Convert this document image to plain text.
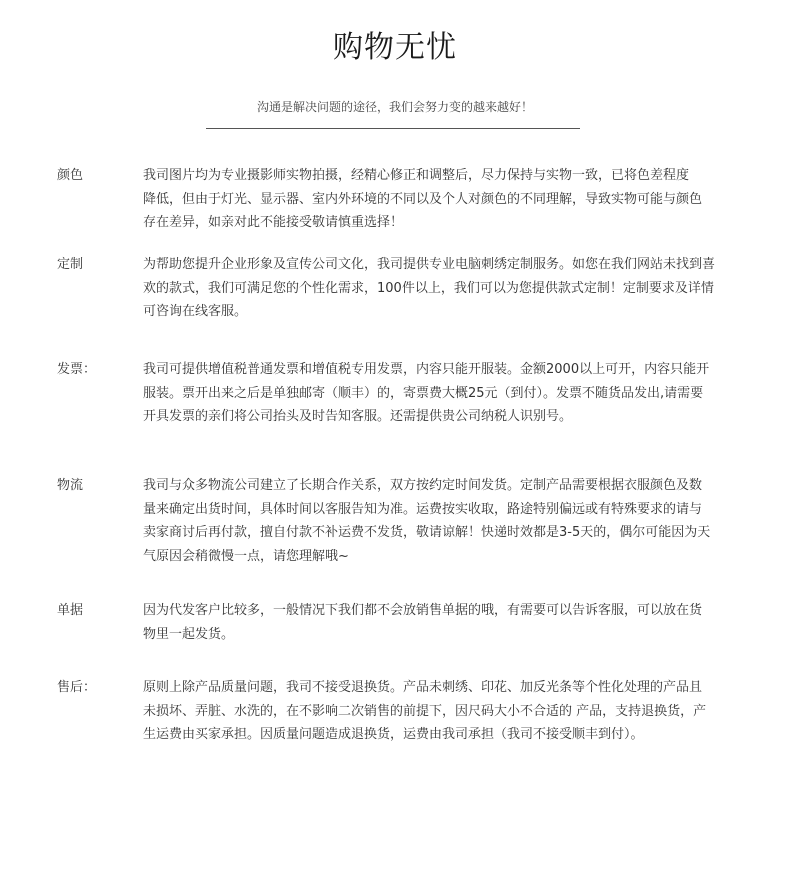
购物无忧
沟通是解决问题的途径，我们会努力变的越来越好！
颜色	我司图片均为专业摄影师实物拍摄，经精心修正和调整后，尽力保持与实物一致，已将色差程度
降低，但由于灯光、显示器、室内外环境的不同以及个人对颜色的不同理解，导致实物可能与颜色
存在差异，如亲对此不能接受敬请慎重选择！
定制	为帮助您提升企业形象及宣传公司文化，我司提供专业电脑刺绣定制服务。如您在我们网站未找到喜
欢的款式，我们可满足您的个性化需求，100件以上，我们可以为您提供款式定制！定制要求及详情
可咨询在线客服。
发票：	我司可提供增值税普通发票和增值税专用发票，内容只能开服装。金额2000以上可开，内容只能开
服装。票开出来之后是单独邮寄（顺丰）的，寄票费大概25元（到付）。发票不随货品发出,请需要
开具发票的亲们将公司抬头及时告知客服。还需提供贵公司纳税人识别号。
物流	我司与众多物流公司建立了长期合作关系，双方按约定时间发货。定制产品需要根据衣服颜色及数
量来确定出货时间，具体时间以客服告知为准。运费按实收取，路途特别偏远或有特殊要求的请与
卖家商讨后再付款，擅自付款不补运费不发货，敬请谅解！快递时效都是3-5天的，偶尔可能因为天
气原因会稍微慢一点，请您理解哦~
单据	因为代发客户比较多，一般情况下我们都不会放销售单据的哦，有需要可以告诉客服，可以放在货
物里一起发货。
售后：	原则上除产品质量问题，我司不接受退换货。产品未刺绣、印花、加反光条等个性化处理的产品且
未损坏、弄脏、水洗的，在不影响二次销售的前提下，因尺码大小不合适的 产品，支持退换货，产
生运费由买家承担。因质量问题造成退换货，运费由我司承担（我司不接受顺丰到付）。
